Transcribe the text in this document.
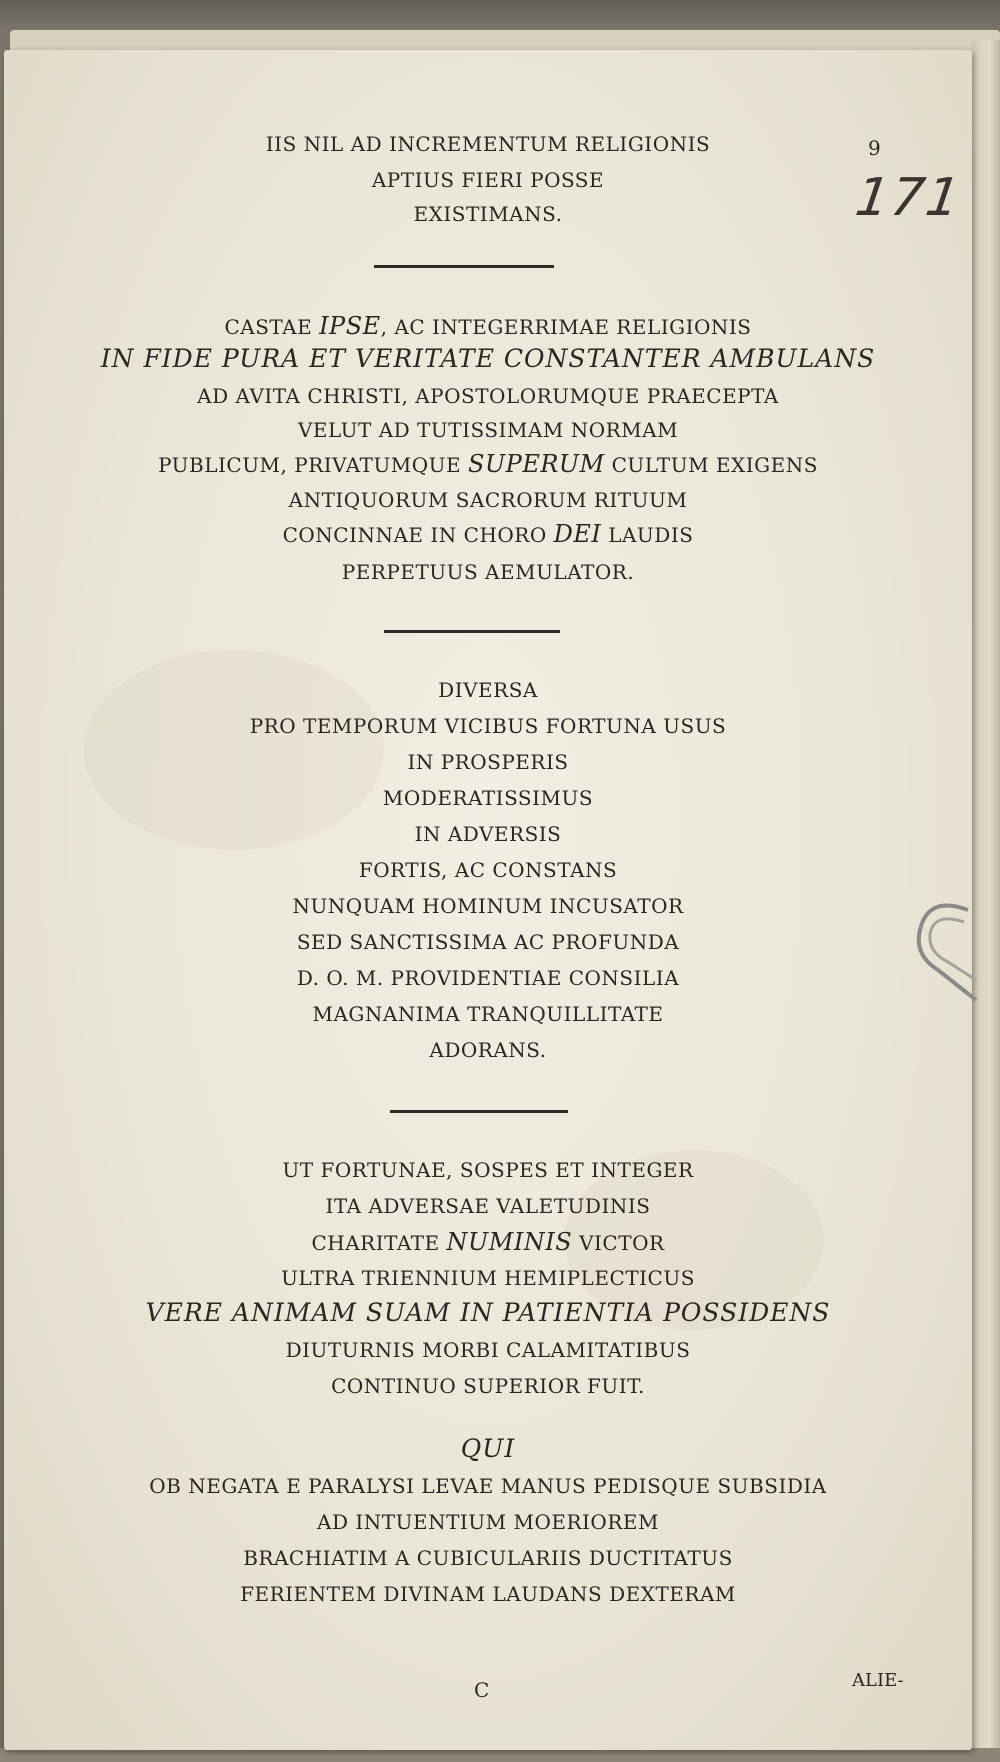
9
171
IIS NIL AD INCREMENTUM RELIGIONIS
APTIUS FIERI POSSE
EXISTIMANS.
CASTAE IPSE, AC INTEGERRIMAE RELIGIONIS
IN FIDE PURA ET VERITATE CONSTANTER AMBULANS
AD AVITA CHRISTI, APOSTOLORUMQUE PRAECEPTA
VELUT AD TUTISSIMAM NORMAM
PUBLICUM, PRIVATUMQUE SUPERUM CULTUM EXIGENS
ANTIQUORUM SACRORUM RITUUM
CONCINNAE IN CHORO DEI LAUDIS
PERPETUUS AEMULATOR.
DIVERSA
PRO TEMPORUM VICIBUS FORTUNA USUS
IN PROSPERIS
MODERATISSIMUS
IN ADVERSIS
FORTIS, AC CONSTANS
NUNQUAM HOMINUM INCUSATOR
SED SANCTISSIMA AC PROFUNDA
D. O. M. PROVIDENTIAE CONSILIA
MAGNANIMA TRANQUILLITATE
ADORANS.
UT FORTUNAE, SOSPES ET INTEGER
ITA ADVERSAE VALETUDINIS
CHARITATE NUMINIS VICTOR
ULTRA TRIENNIUM HEMIPLECTICUS
VERE ANIMAM SUAM IN PATIENTIA POSSIDENS
DIUTURNIS MORBI CALAMITATIBUS
CONTINUO SUPERIOR FUIT.
QUI
OB NEGATA E PARALYSI LEVAE MANUS PEDISQUE SUBSIDIA
AD INTUENTIUM MOERIOREM
BRACHIATIM A CUBICULARIIS DUCTITATUS
FERIENTEM DIVINAM LAUDANS DEXTERAM
C	ALIE-
